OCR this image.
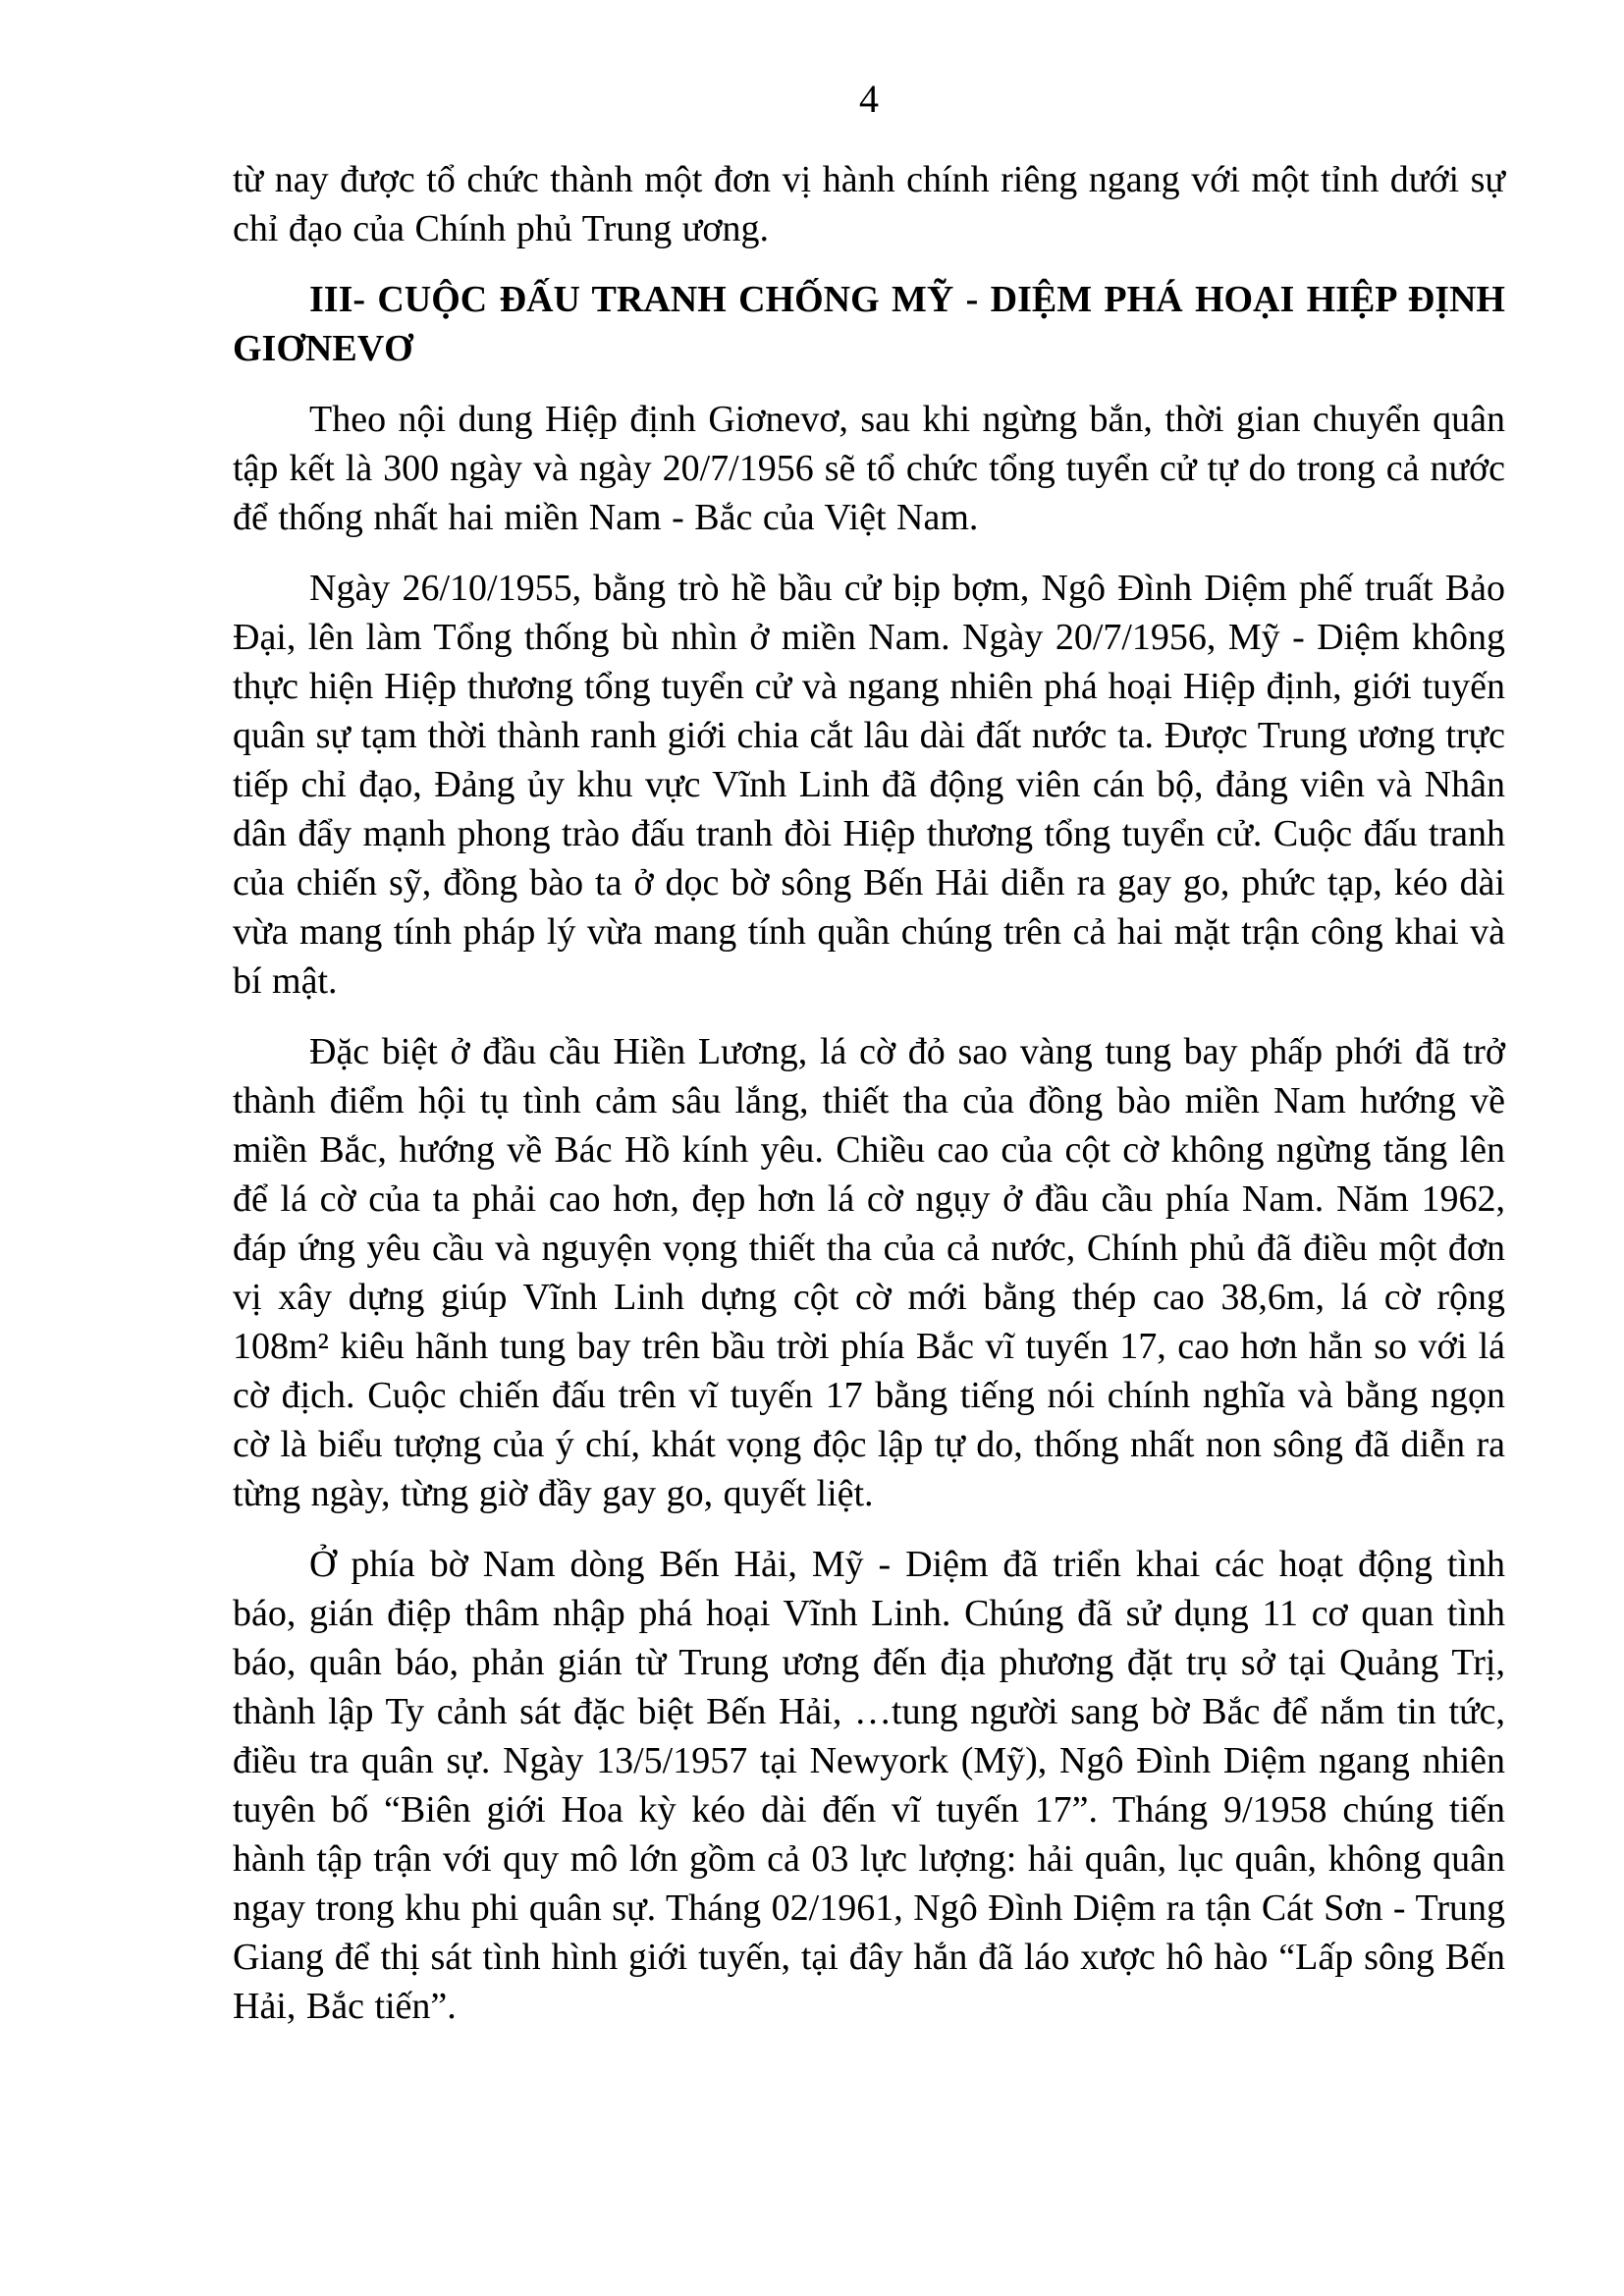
4

từ nay được tổ chức thành một đơn vị hành chính riêng ngang với một tỉnh dưới sự chỉ đạo của Chính phủ Trung ương.

III- CUỘC ĐẤU TRANH CHỐNG MỸ - DIỆM PHÁ HOẠI HIỆP ĐỊNH GIƠNEVƠ

Theo nội dung Hiệp định Giơnevơ, sau khi ngừng bắn, thời gian chuyển quân tập kết là 300 ngày và ngày 20/7/1956 sẽ tổ chức tổng tuyển cử tự do trong cả nước để thống nhất hai miền Nam - Bắc của Việt Nam.

Ngày 26/10/1955, bằng trò hề bầu cử bịp bợm, Ngô Đình Diệm phế truất Bảo Đại, lên làm Tổng thống bù nhìn ở miền Nam. Ngày 20/7/1956, Mỹ - Diệm không thực hiện Hiệp thương tổng tuyển cử và ngang nhiên phá hoại Hiệp định, giới tuyến quân sự tạm thời thành ranh giới chia cắt lâu dài đất nước ta. Được Trung ương trực tiếp chỉ đạo, Đảng ủy khu vực Vĩnh Linh đã động viên cán bộ, đảng viên và Nhân dân đẩy mạnh phong trào đấu tranh đòi Hiệp thương tổng tuyển cử. Cuộc đấu tranh của chiến sỹ, đồng bào ta ở dọc bờ sông Bến Hải diễn ra gay go, phức tạp, kéo dài vừa mang tính pháp lý vừa mang tính quần chúng trên cả hai mặt trận công khai và bí mật.

Đặc biệt ở đầu cầu Hiền Lương, lá cờ đỏ sao vàng tung bay phấp phới đã trở thành điểm hội tụ tình cảm sâu lắng, thiết tha của đồng bào miền Nam hướng về miền Bắc, hướng về Bác Hồ kính yêu. Chiều cao của cột cờ không ngừng tăng lên để lá cờ của ta phải cao hơn, đẹp hơn lá cờ ngụy ở đầu cầu phía Nam. Năm 1962, đáp ứng yêu cầu và nguyện vọng thiết tha của cả nước, Chính phủ đã điều một đơn vị xây dựng giúp Vĩnh Linh dựng cột cờ mới bằng thép cao 38,6m, lá cờ rộng 108m² kiêu hãnh tung bay trên bầu trời phía Bắc vĩ tuyến 17, cao hơn hẳn so với lá cờ địch. Cuộc chiến đấu trên vĩ tuyến 17 bằng tiếng nói chính nghĩa và bằng ngọn cờ là biểu tượng của ý chí, khát vọng độc lập tự do, thống nhất non sông đã diễn ra từng ngày, từng giờ đầy gay go, quyết liệt.

Ở phía bờ Nam dòng Bến Hải, Mỹ - Diệm đã triển khai các hoạt động tình báo, gián điệp thâm nhập phá hoại Vĩnh Linh. Chúng đã sử dụng 11 cơ quan tình báo, quân báo, phản gián từ Trung ương đến địa phương đặt trụ sở tại Quảng Trị, thành lập Ty cảnh sát đặc biệt Bến Hải, …tung người sang bờ Bắc để nắm tin tức, điều tra quân sự. Ngày 13/5/1957 tại Newyork (Mỹ), Ngô Đình Diệm ngang nhiên tuyên bố “Biên giới Hoa kỳ kéo dài đến vĩ tuyến 17”. Tháng 9/1958 chúng tiến hành tập trận với quy mô lớn gồm cả 03 lực lượng: hải quân, lục quân, không quân ngay trong khu phi quân sự. Tháng 02/1961, Ngô Đình Diệm ra tận Cát Sơn - Trung Giang để thị sát tình hình giới tuyến, tại đây hắn đã láo xược hô hào “Lấp sông Bến Hải, Bắc tiến”.
